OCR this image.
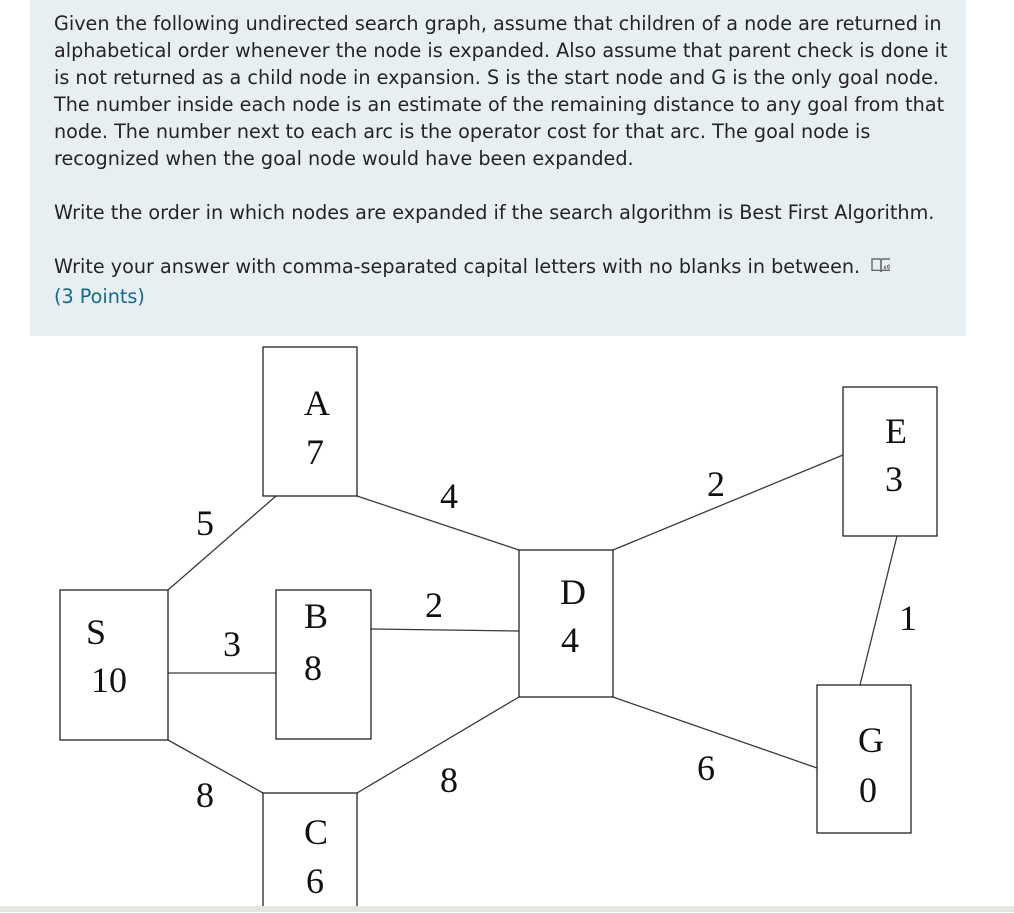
Given the following undirected search graph, assume that children of a node are returned in alphabetical order whenever the node is expanded. Also assume that parent check is done it is not returned as a child node in expansion. S is the start node and G is the only goal node. The number inside each node is an estimate of the remaining distance to any goal from that node. The number next to each arc is the operator cost for that arc. The goal node is recognized when the goal node would have been expanded.

Write the order in which nodes are expanded if the search algorithm is Best First Algorithm.

Write your answer with comma-separated capital letters with no blanks in between.

(3 Points)

5
3
8
4
2
8
2
6
1
S
10
A
7
B
8
C
6
D
4
E
3
G
0
